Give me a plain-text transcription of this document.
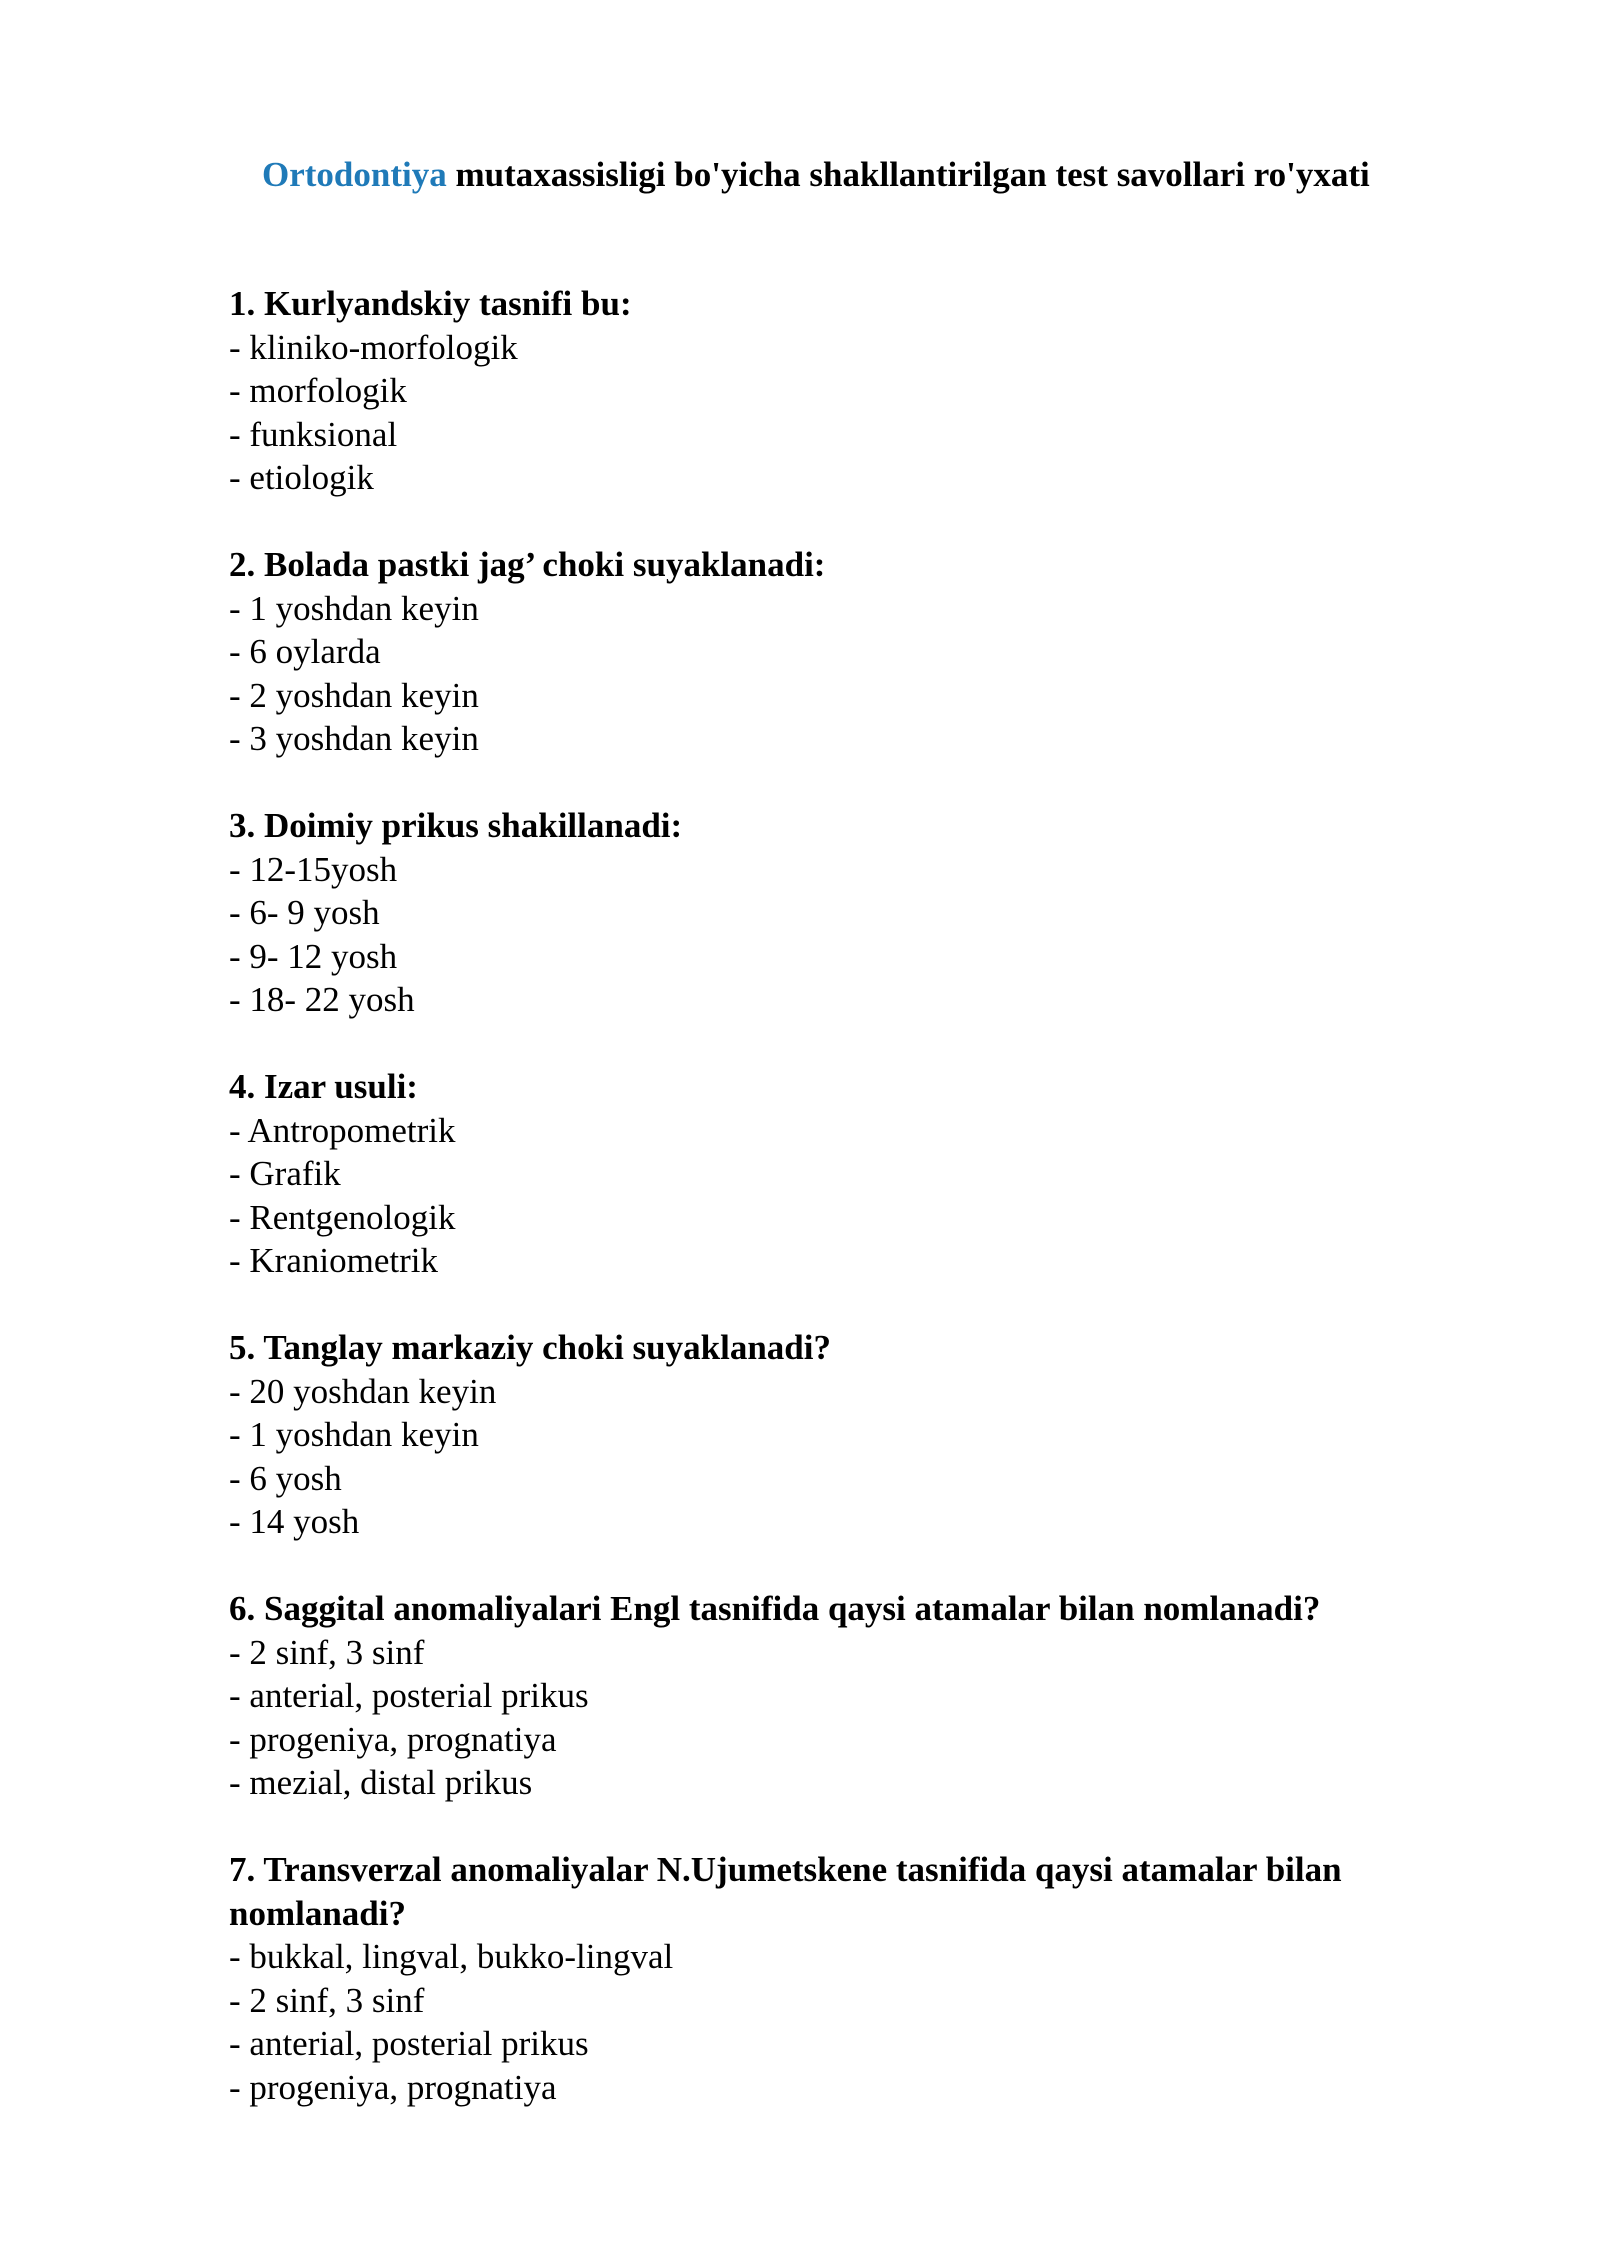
Ortodontiya mutaxassisligi bo'yicha shakllantirilgan test savollari ro'yxati

1. Kurlyandskiy tasnifi bu:

- kliniko-morfologik
- morfologik
- funksional
- etiologik

2. Bolada pastki jag’ choki suyaklanadi:

- 1 yoshdan keyin
- 6 oylarda
- 2 yoshdan keyin
- 3 yoshdan keyin

3. Doimiy prikus shakillanadi:

- 12-15yosh
- 6- 9 yosh
- 9- 12 yosh
- 18- 22 yosh

4. Izar usuli:

- Antropometrik
- Grafik
- Rentgenologik
- Kraniometrik

5. Tanglay markaziy choki suyaklanadi?

- 20 yoshdan keyin
- 1 yoshdan keyin
- 6 yosh
- 14 yosh

6. Saggital anomaliyalari Engl tasnifida qaysi atamalar bilan nomlanadi?

- 2 sinf, 3 sinf
- anterial, posterial prikus
- progeniya, prognatiya
- mezial, distal prikus

7. Transverzal anomaliyalar N.Ujumetskene tasnifida qaysi atamalar bilan nomlanadi?

- bukkal, lingval, bukko-lingval
- 2 sinf, 3 sinf
- anterial, posterial prikus
- progeniya, prognatiya
